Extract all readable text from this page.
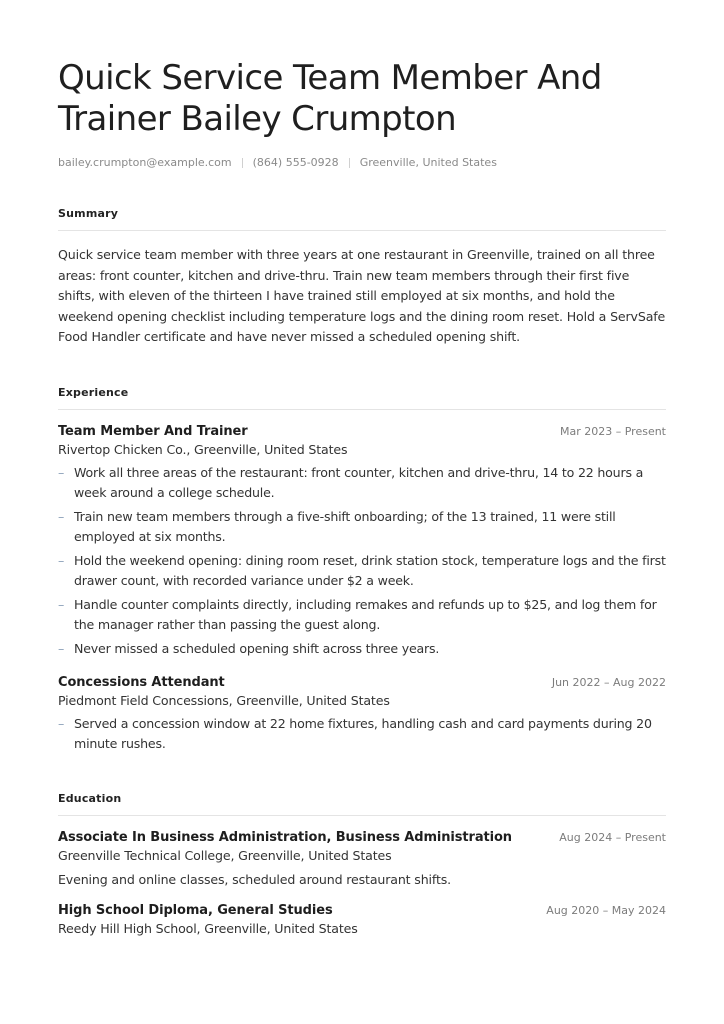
Quick Service Team Member And Trainer Bailey Crumpton
bailey.crumpton@example.com (864) 555-0928 Greenville, United States
Summary
Quick service team member with three years at one restaurant in Greenville, trained on all three areas: front counter, kitchen and drive-thru. Train new team members through their first five shifts, with eleven of the thirteen I have trained still employed at six months, and hold the weekend opening checklist including temperature logs and the dining room reset. Hold a ServSafe Food Handler certificate and have never missed a scheduled opening shift.
Experience
Team Member And Trainer	Mar 2023 – Present
Rivertop Chicken Co., Greenville, United States
– Work all three areas of the restaurant: front counter, kitchen and drive-thru, 14 to 22 hours a week around a college schedule.
– Train new team members through a five-shift onboarding; of the 13 trained, 11 were still employed at six months.
– Hold the weekend opening: dining room reset, drink station stock, temperature logs and the first drawer count, with recorded variance under $2 a week.
– Handle counter complaints directly, including remakes and refunds up to $25, and log them for the manager rather than passing the guest along.
– Never missed a scheduled opening shift across three years.
Concessions Attendant	Jun 2022 – Aug 2022
Piedmont Field Concessions, Greenville, United States
– Served a concession window at 22 home fixtures, handling cash and card payments during 20 minute rushes.
Education
Associate In Business Administration, Business Administration	Aug 2024 – Present
Greenville Technical College, Greenville, United States
Evening and online classes, scheduled around restaurant shifts.
High School Diploma, General Studies	Aug 2020 – May 2024
Reedy Hill High School, Greenville, United States
